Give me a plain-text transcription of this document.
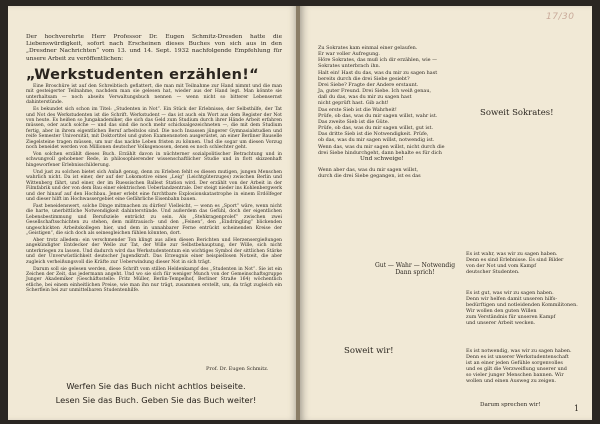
Der hochverehrte Herr Professor Dr. Eugen Schmitz-Dresden hatte die Liebenswürdigkeit, sofort nach Erscheinen dieses Buches von sich aus in den „Dresdner Nachrichten“ vom 13. und 14. Sept. 1932 nachfolgende Empfehlung für unsere Arbeit zu veröffentlichen:
„Werkstudenten erzählen!“

Eine Broschüre ist auf den Schreibtisch geflattert, die man mit Teilnahme zur Hand nimmt und die man mit gesteigerter Teilnahme, nachdem man sie gelesen hat, wieder aus der Hand legt. Man könnte sie unterhaltsam — noch abseits Verwaltungsbuch nennen — wenn nicht so bitterer Lebensernst dahinterstünde.

Es bekundet sich schon im Titel: „Studenten in Not“. Ein Stück der Erlebnisse, der Selbsthilfe, der Tat und Not des Werkstudenten ist die Schrift. Werkstudent — das ist auch ein Wort aus dem Register der Not von heute. Es heißen so Jungakademiker, die sich das Geld zum Studium durch ihrer Hände Arbeit erfahren müssen, oder auch solche — und das sind die noch mehr schicksalgezeichneten —, die mit dem Studium fertig, aber in ihrem eigentlichen Beruf arbeitslos sind. Die noch Insassen jüngerer Gymnasialstudien und reife Semester Universität, mit Doktortitel und guten Examensnoten ausgerüstet, an einer Berliner Bauselle Ziegelsteine tragen müssen, um nur das nackte Leben fristen zu können. Und die sogar um diesen Vorzug noch beneidet werden von Millionen deutscher Volksgenossen, denen es noch schlechter geht.

Von solchen erzählt dieses Buch. Erzählt davon in nüchterner sozialpolitischer Betrachtung und in schwungvoll gehobener Rede, in philosophierender wissenschaftlicher Studie und in flott skizzenhaft hingeworfener Erlebnisschilderung.

Und just zu solchen bietet sich Anlaß genug, denn zu Erleben fehlt es diesen mutigen, jungen Menschen wahrlich nicht. Da ist einer, der auf der Lokomotive eines „Leig“ (Leichtgüterzuges) zwischen Berlin und Wittenberg fährt, und einer, der im Ruessischen Ballest Station wird. Der erzählt von der Arbeit in der Filmfabrik und der von dem Bau einer elektrischen Ueberlandzentrale. Der steigt nieder ins Kohlenbergwerk und der hinauf auf den Hochbau. Jener erlebt eine furchtbare Explosionskatastrophe in einem Erdölfeger und dieser hilft im Hochwassergebiet eine Gefährliche Eisenbahn bauen.

Fast beneidenswert, solche Dinge mitmachen zu dürfen! Vielleicht, — wenn es „Sport“ wäre, wenn nicht die harte, unerbittliche Notwendigkeit dahinterstünde. Und außerdem das Gefühl, doch der eigentlichen Lebensbestimmung und Berufsziele entrückt zu sein. Als „Stehkragenproleť“ zwischen zwei Gesellschaftsschichten zu stehen, dem mißtrauisch- und den „Feinen“, den „Eindringling“ blickenden ungeschickten Arbeitskollegen hier, und dem in unnahbarer Ferne entrückt scheinenden Kreise der „Geistigen“, die sich doch als seinesgleichen fühlen könnten, dort.

Aber trotz alledem: ein verschmender Ton klingt aus allen diesen Berichten und Herzensergießungen angekündigter Entdecker der Welle zur Tat, der Wille zur Selbstbehauptung, der Wille, sich nicht unterkriegen zu lassen. Und dadurch wird das Werkstudententum ein wichtiges Symbol der sittlichen Stärke und der Unverwüstlichkeit deutscher Jugendkraft. Das Erzeugnis einer beispiellosen Notzeit, die aber zugleich verheißungsvoll die Kräfte zur Ueberwindung dieser Not in sich trägt.

Darum soll sie gelesen werden, diese Schrift vom stillen Heldenkampf des „Studenten in Not“. Sie ist ein Zeichen der Zeit, das jedermann angeht. Und wo sie sich für weniger Munch von der Gemeinschaftsgruppe Junger Akademiker (Geschäftsstelle: Fritz Müller, Berlin-Tempelhof, Berliner Straße 164) wöchentlich etliche, bei einem einheitlichen Preise, wie man ihn nur trägt, zusammen erstellt, um, da trägt zugleich ein Scherflein bei zur unmittelbaren Studentenhilfe.

Prof. Dr. Eugen Schmitz.
Werfen Sie das Buch nicht achtlos beiseite.
Lesen Sie das Buch. Geben Sie das Buch weiter!
17/30
Zu Sokrates kam einmal einer gelaufen.
Er war voller Aufregung.
Höre Sokrates, das muß ich dir erzählen, wie —
Sokrates unterbrach ihn.
Halt ein! Hast du das, was du mir zu sagen hast
bereits durch die drei Siebe gesiebt?
Drei Siebe? Fragte der Andere erstaunt.
Ja, guter Freund. Drei Siebe. Ich weiß genau,
daß du das, was du mir zu sagen hast
nicht geprüft hast. Gib acht!
Das erste Sieb ist die Wahrheit!
Prüfe, ob das, was du mir sagen willst, wahr ist.
Das zweite Sieb ist die Güte.
Prüfe, ob das, was du mir sagen willst, gut ist.
Das dritte Sieb ist die Notwendigkeit. Prüfe,
ob das, was du mir sagen willst, notwendig ist.
Wenn das, was du mir sagen willst, nicht durch die
drei Siebe hindurchgeht, dann behalte es für dich
Und schweige!
Wenn aber das, was du mir sagen willst,
durch die drei Siebe gegangen, ist es das
Gut — Wahr — Notwendig
Dann sprich!
Soweit Sokrates!
Soweit wir!
Es ist wahr, was wir zu sagen haben.
Denn es sind Erlebnisse. Es sind Bilder
von der Not und vom Kampf
deutscher Studenten.
Es ist gut, was wir zu sagen haben.
Denn wir helfen damit unseren hilfs-
bedürftigen und notleidenden Kommilitonen.
Wir wollen den guten Willen
zum Verständnis für unseren Kampf
und unserer Arbeit wecken.
Es ist notwendig, was wir zu sagen haben.
Denn es ist unserer Werkstudentenschaft
ist an einer jeden Gefühle sorgenvolles
und es gilt die Verzweiflung unserer und
so vieler junger Menschen bannen. Wir
wollen und einen Ausweg zu zeigen.
Darum sprechen wir!	1
